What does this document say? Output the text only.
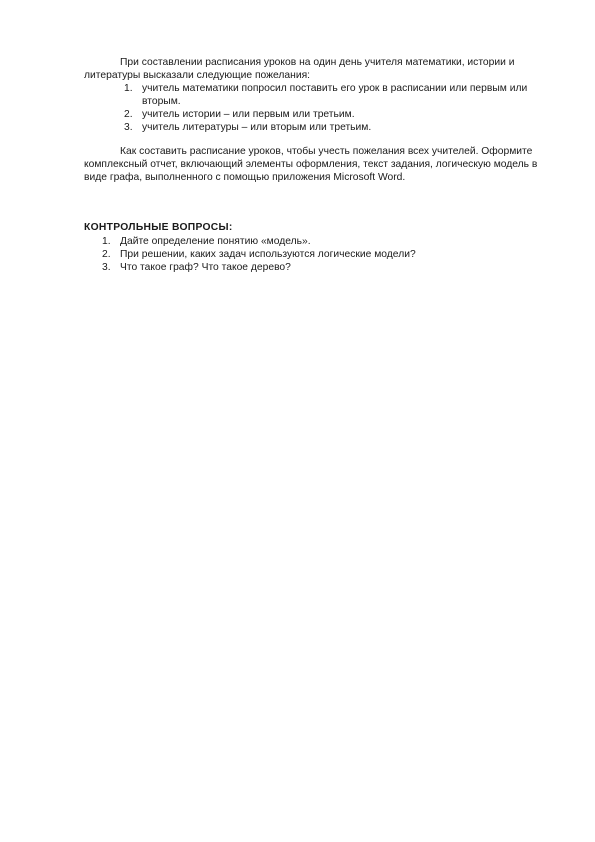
При составлении расписания уроков на один день учителя математики, истории и литературы высказали следующие пожелания:

1. учитель математики попросил поставить его урок в расписании или первым или вторым.
2. учитель истории – или первым или третьим.
3. учитель литературы – или вторым или третьим.

Как составить расписание уроков, чтобы учесть пожелания всех учителей. Оформите комплексный отчет, включающий элементы оформления, текст задания, логическую модель в виде графа, выполненного с помощью приложения Microsoft Word.

КОНТРОЛЬНЫЕ ВОПРОСЫ:

1. Дайте определение понятию «модель».

2. При решении, каких задач используются логические модели?

3. Что такое граф? Что такое дерево?
